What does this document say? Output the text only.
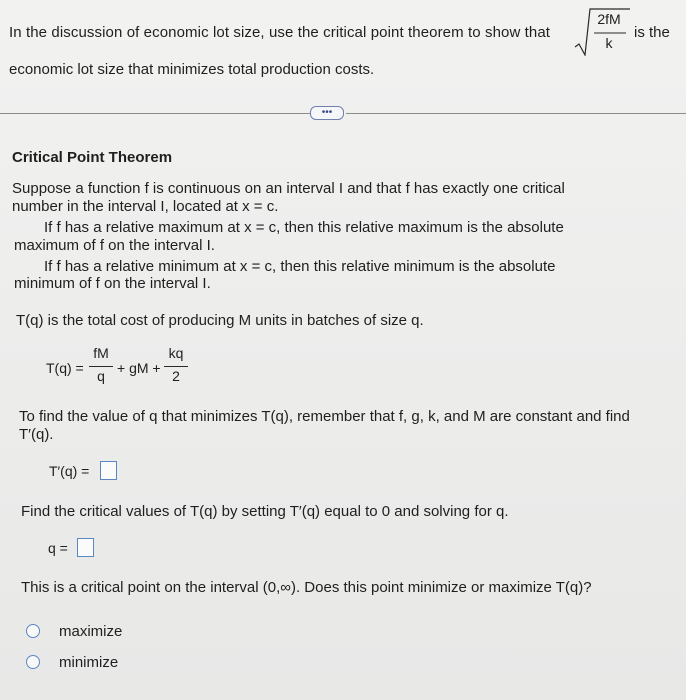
In the discussion of economic lot size, use the critical point theorem to show that
2fM
k
is the
economic lot size that minimizes total production costs.
•••
Critical Point Theorem
Suppose a function f is continuous on an interval I and that f has exactly one critical
number in the interval I, located at x = c.
If f has a relative maximum at x = c, then this relative maximum is the absolute
maximum of f on the interval I.
If f has a relative minimum at x = c, then this relative minimum is the absolute
minimum of f on the interval I.
T(q) is the total cost of producing M units in batches of size q.
T(q) =
fM
q + gM +
kq
2
To find the value of q that minimizes T(q), remember that f, g, k, and M are constant and find
T′(q).
T′(q) =
Find the critical values of T(q) by setting T′(q) equal to 0 and solving for q.
q =
This is a critical point on the interval (0,∞). Does this point minimize or maximize T(q)?
maximize
minimize
